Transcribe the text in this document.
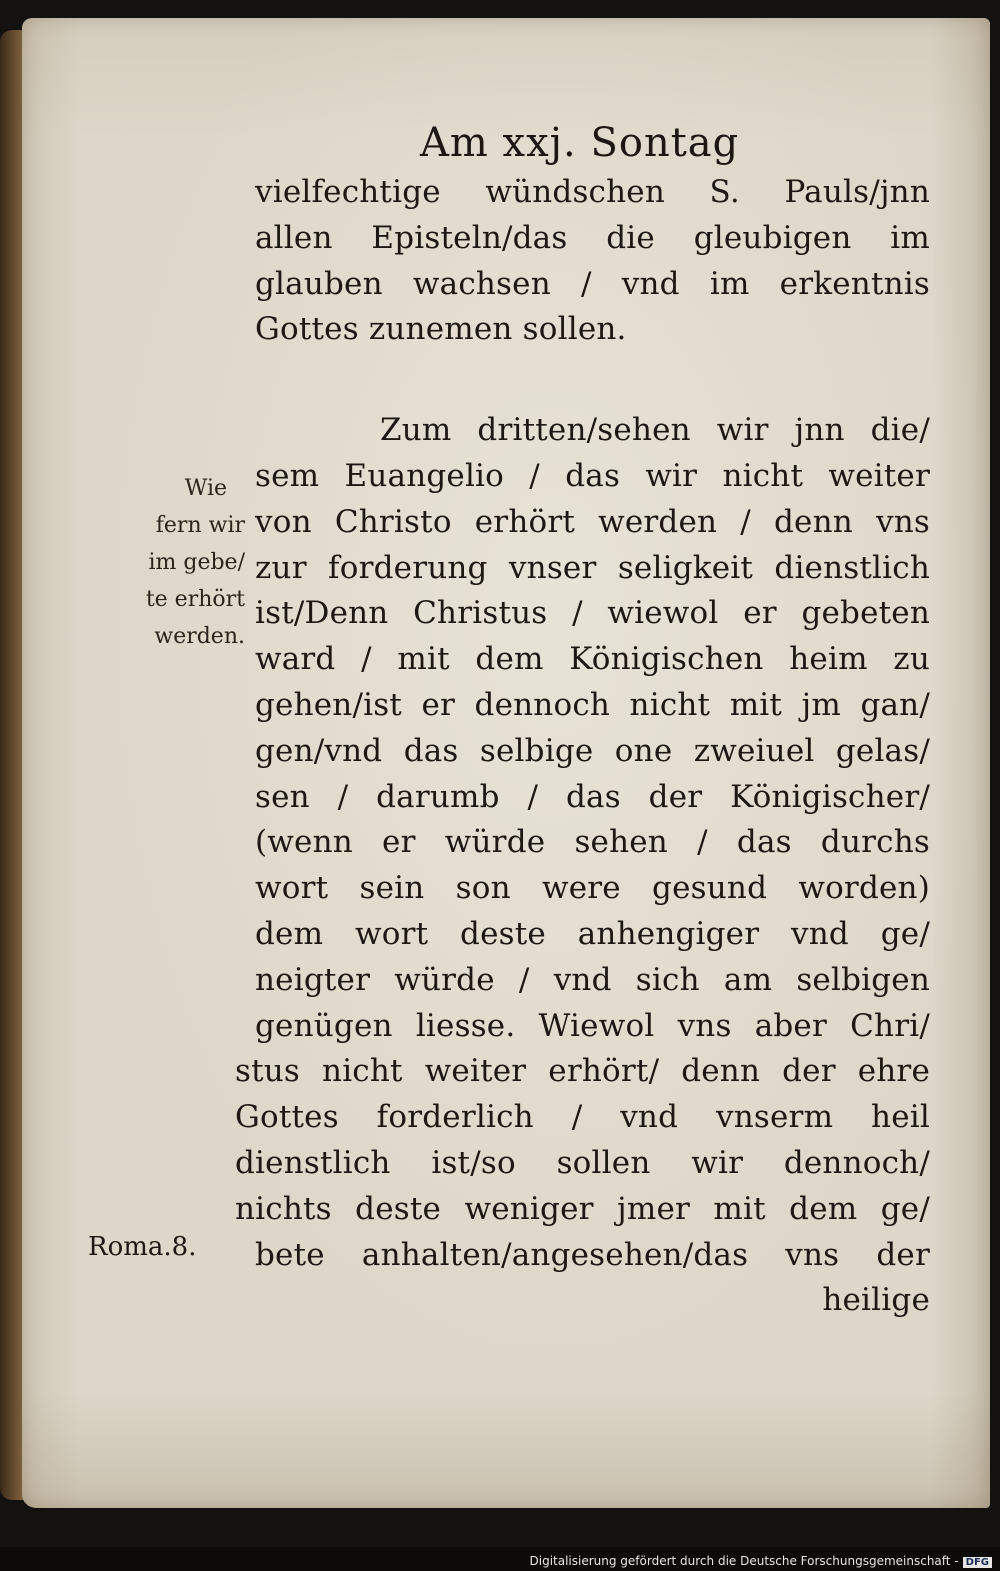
Am xxj. Sontag
vielfechtige wündschen S. Pauls/jnn
allen Episteln/das die gleubigen im
glauben wachsen / vnd im erkentnis
Gottes zunemen sollen.
Zum dritten/sehen wir jnn die/
sem Euangelio / das wir nicht weiter
von Christo erhört werden / denn vns
zur forderung vnser seligkeit dienstlich
ist/Denn Christus / wiewol er gebeten
ward / mit dem Königischen heim zu
gehen/ist er dennoch nicht mit jm gan/
gen/vnd das selbige one zweiuel gelas/
sen / darumb / das der Königischer/
(wenn er würde sehen / das durchs
wort sein son were gesund worden)
dem wort deste anhengiger vnd ge/
neigter würde / vnd sich am selbigen
genügen liesse. Wiewol vns aber Chri/
stus nicht weiter erhört/ denn der ehre
Gottes forderlich / vnd vnserm heil
dienstlich ist/so sollen wir dennoch/
nichts deste weniger jmer mit dem ge/
bete anhalten/angesehen/das vns der
heilige
Wie
fern wir
im gebe/
te erhört
werden.
Roma.8.
Digitalisierung gefördert durch die Deutsche Forschungsgemeinschaft - DFG
